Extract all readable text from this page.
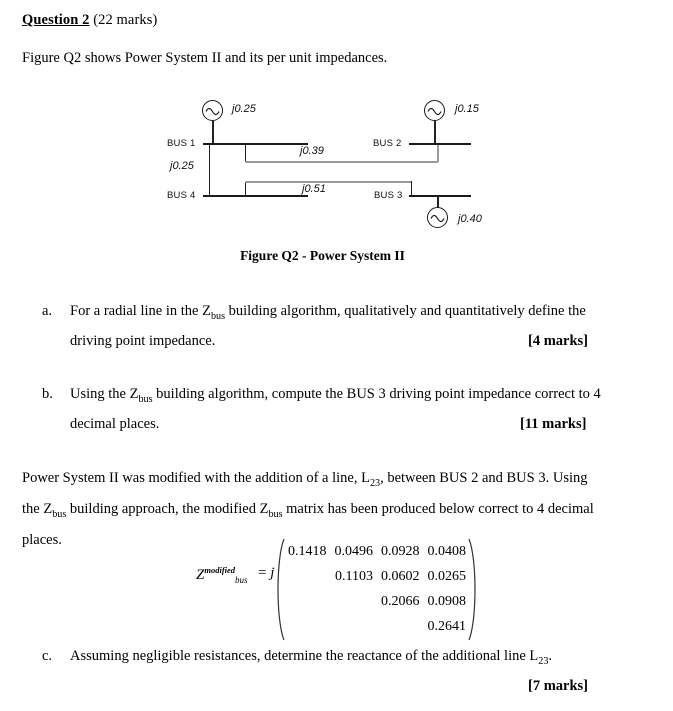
Question 2 (22 marks)
Figure Q2 shows Power System II and its per unit impedances.
j0.25
BUS 1
j0.25
j0.39
j0.15
BUS 2
j0.51
BUS 4	BUS 3
j0.40
Figure Q2 - Power System II
a. For a radial line in the $Z_{bus}$ building algorithm, qualitatively and quantitatively define the
driving point impedance.	[4 marks]
b. Using the $Z_{bus}$ building algorithm, compute the BUS 3 driving point impedance correct to 4
decimal places.	[11 marks]
Power System II was modified with the addition of a line, $L_{23}$, between BUS 2 and BUS 3. Using
the $Z_{bus}$ building approach, the modified $Z_{bus}$ matrix has been produced below correct to 4 decimal
places.
$Z^{modified}_{bus} = j$
0.1418	0.0496	0.0928	0.0408
	0.1103	0.0602	0.0265
		0.2066	0.0908
			0.2641
c. Assuming negligible resistances, determine the reactance of the additional line $L_{23}$.
[7 marks]
